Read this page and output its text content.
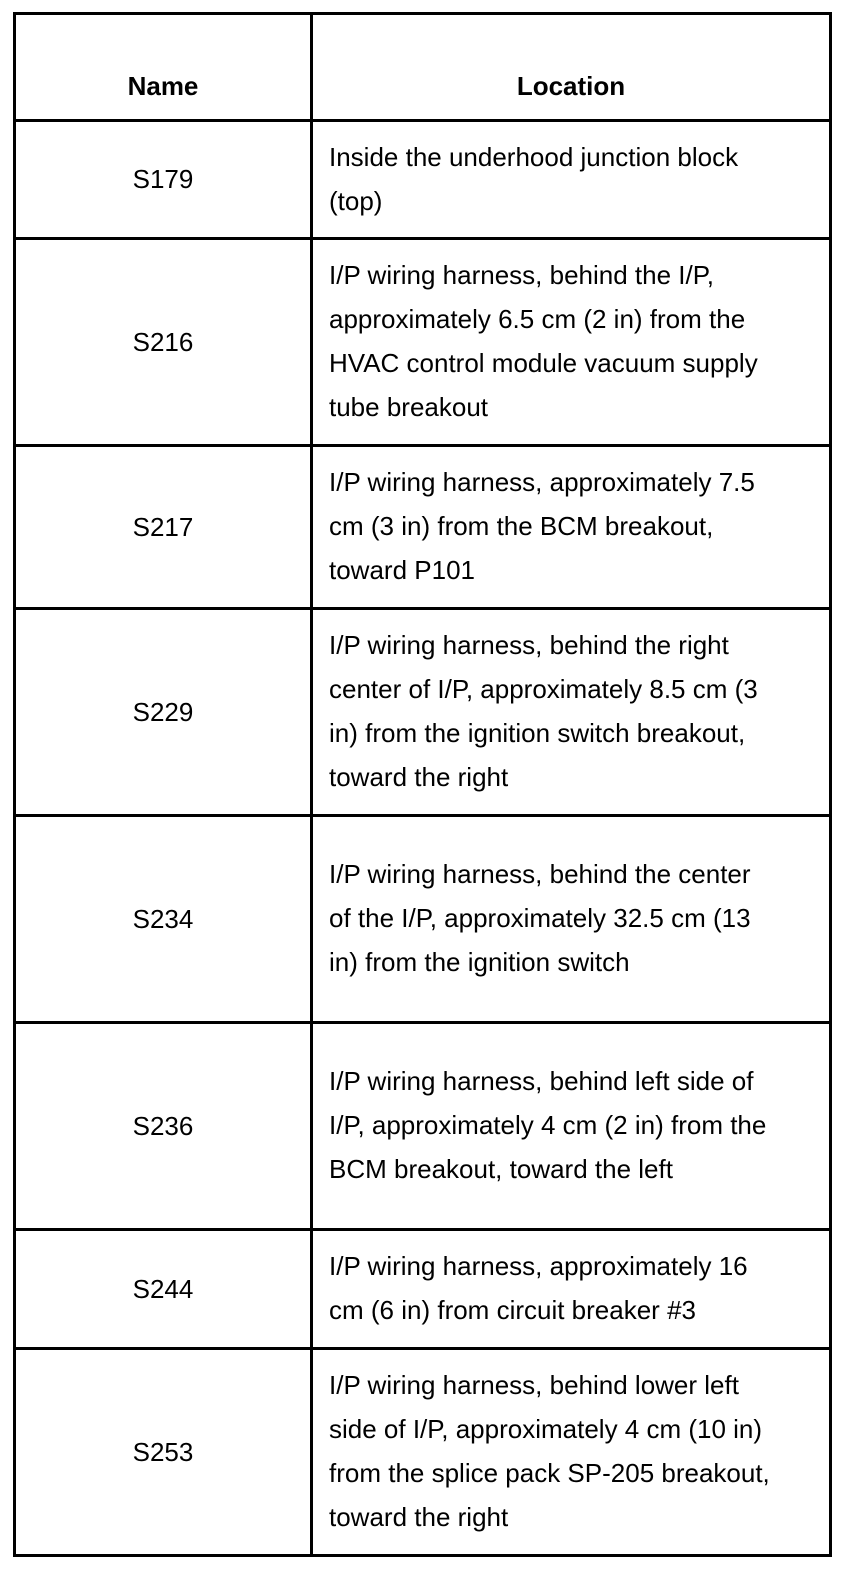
Name	Location
S179	Inside the underhood junction block (top)
S216	I/P wiring harness, behind the I/P, approximately 6.5 cm (2 in) from the HVAC control module vacuum supply tube breakout
S217	I/P wiring harness, approximately 7.5 cm (3 in) from the BCM breakout, toward P101
S229	I/P wiring harness, behind the right center of I/P, approximately 8.5 cm (3 in) from the ignition switch breakout, toward the right
S234	I/P wiring harness, behind the center of the I/P, approximately 32.5 cm (13 in) from the ignition switch
S236	I/P wiring harness, behind left side of I/P, approximately 4 cm (2 in) from the BCM breakout, toward the left
S244	I/P wiring harness, approximately 16 cm (6 in) from circuit breaker #3
S253	I/P wiring harness, behind lower left side of I/P, approximately 4 cm (10 in) from the splice pack SP-205 breakout, toward the right
